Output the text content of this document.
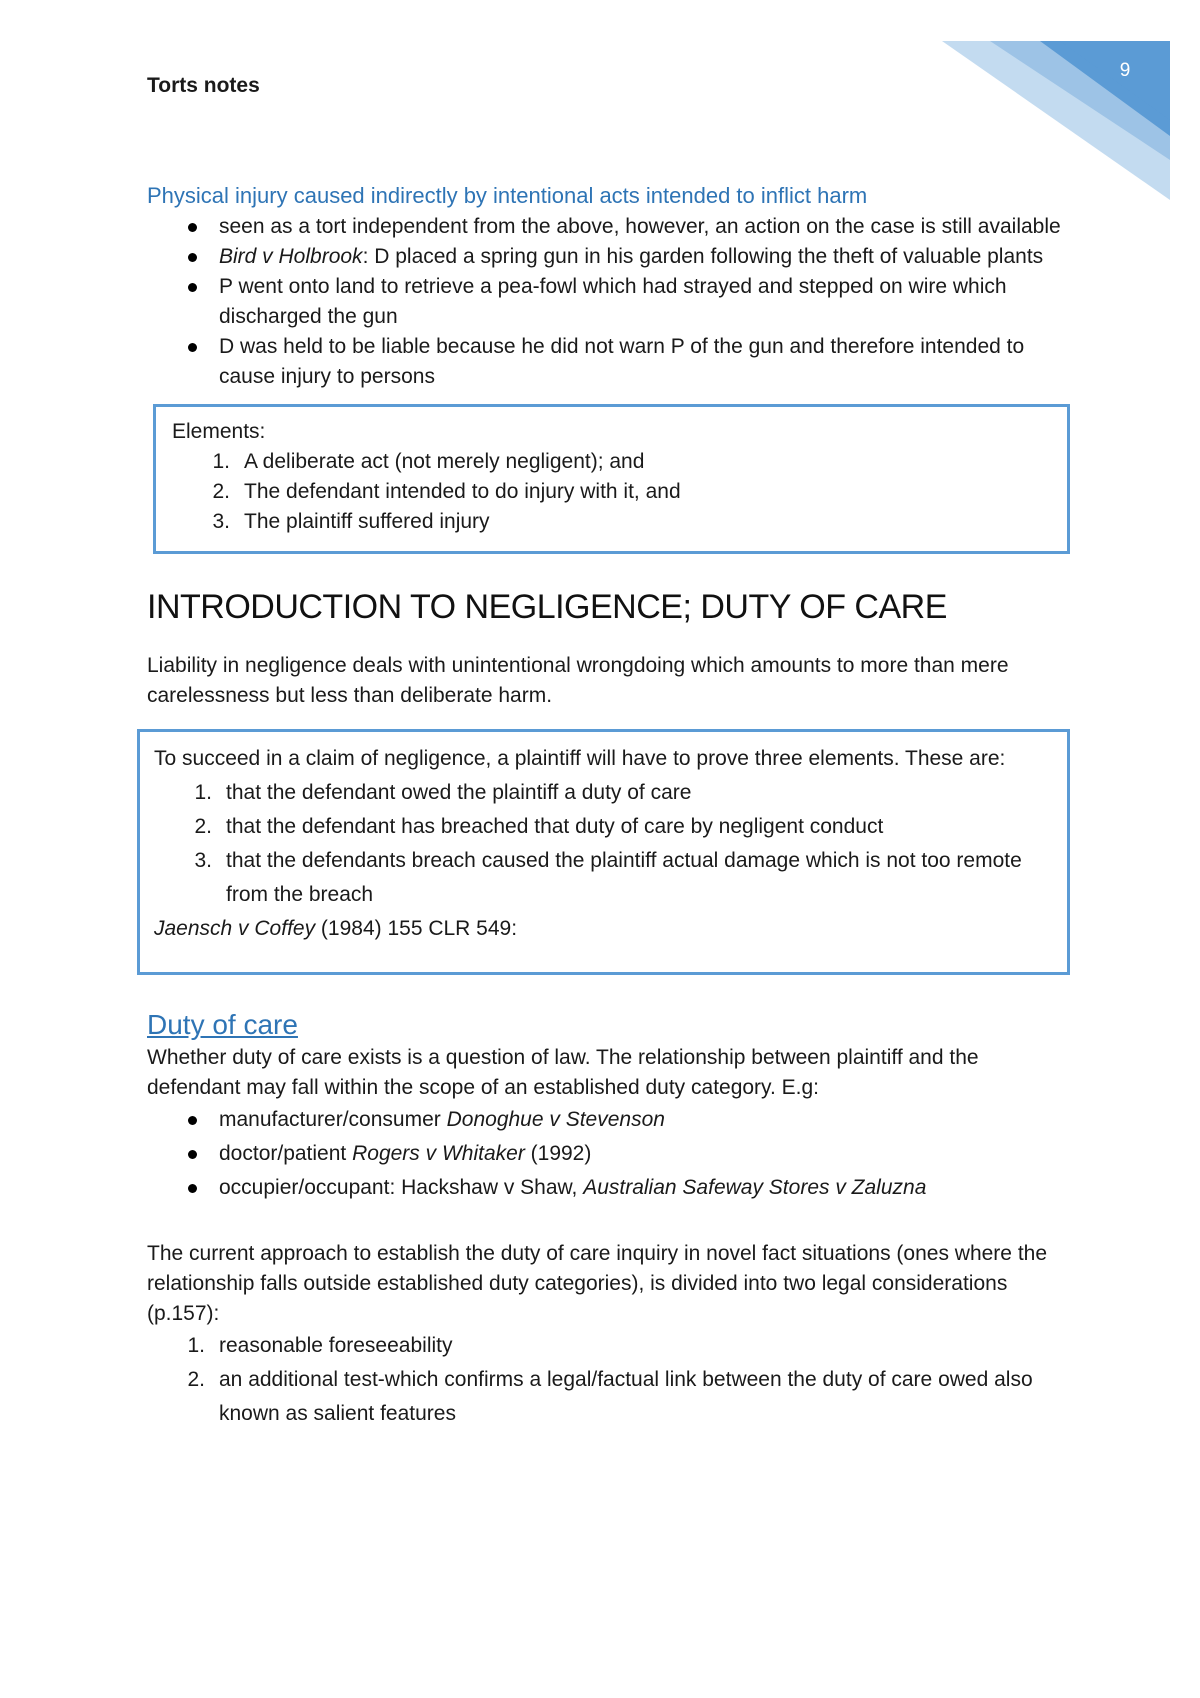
9
Torts notes

Physical injury caused indirectly by intentional acts intended to inflict harm

seen as a tort independent from the above, however, an action on the case is still available
Bird v Holbrook: D placed a spring gun in his garden following the theft of valuable plants
P went onto land to retrieve a pea-fowl which had strayed and stepped on wire which discharged the gun
D was held to be liable because he did not warn P of the gun and therefore intended to cause injury to persons
Elements:
1. A deliberate act (not merely negligent); and
2. The defendant intended to do injury with it, and
3. The plaintiff suffered injury
INTRODUCTION TO NEGLIGENCE; DUTY OF CARE

Liability in negligence deals with unintentional wrongdoing which amounts to more than mere carelessness but less than deliberate harm.

To succeed in a claim of negligence, a plaintiff will have to prove three elements. These are:
1. that the defendant owed the plaintiff a duty of care
2. that the defendant has breached that duty of care by negligent conduct
3. that the defendants breach caused the plaintiff actual damage which is not too remote from the breach
Jaensch v Coffey (1984) 155 CLR 549:
Duty of care

Whether duty of care exists is a question of law. The relationship between plaintiff and the defendant may fall within the scope of an established duty category. E.g:

manufacturer/consumer Donoghue v Stevenson
doctor/patient Rogers v Whitaker (1992)
occupier/occupant: Hackshaw v Shaw, Australian Safeway Stores v Zaluzna

The current approach to establish the duty of care inquiry in novel fact situations (ones where the relationship falls outside established duty categories), is divided into two legal considerations (p.157):

1. reasonable foreseeability
2. an additional test-which confirms a legal/factual link between the duty of care owed also known as salient features
